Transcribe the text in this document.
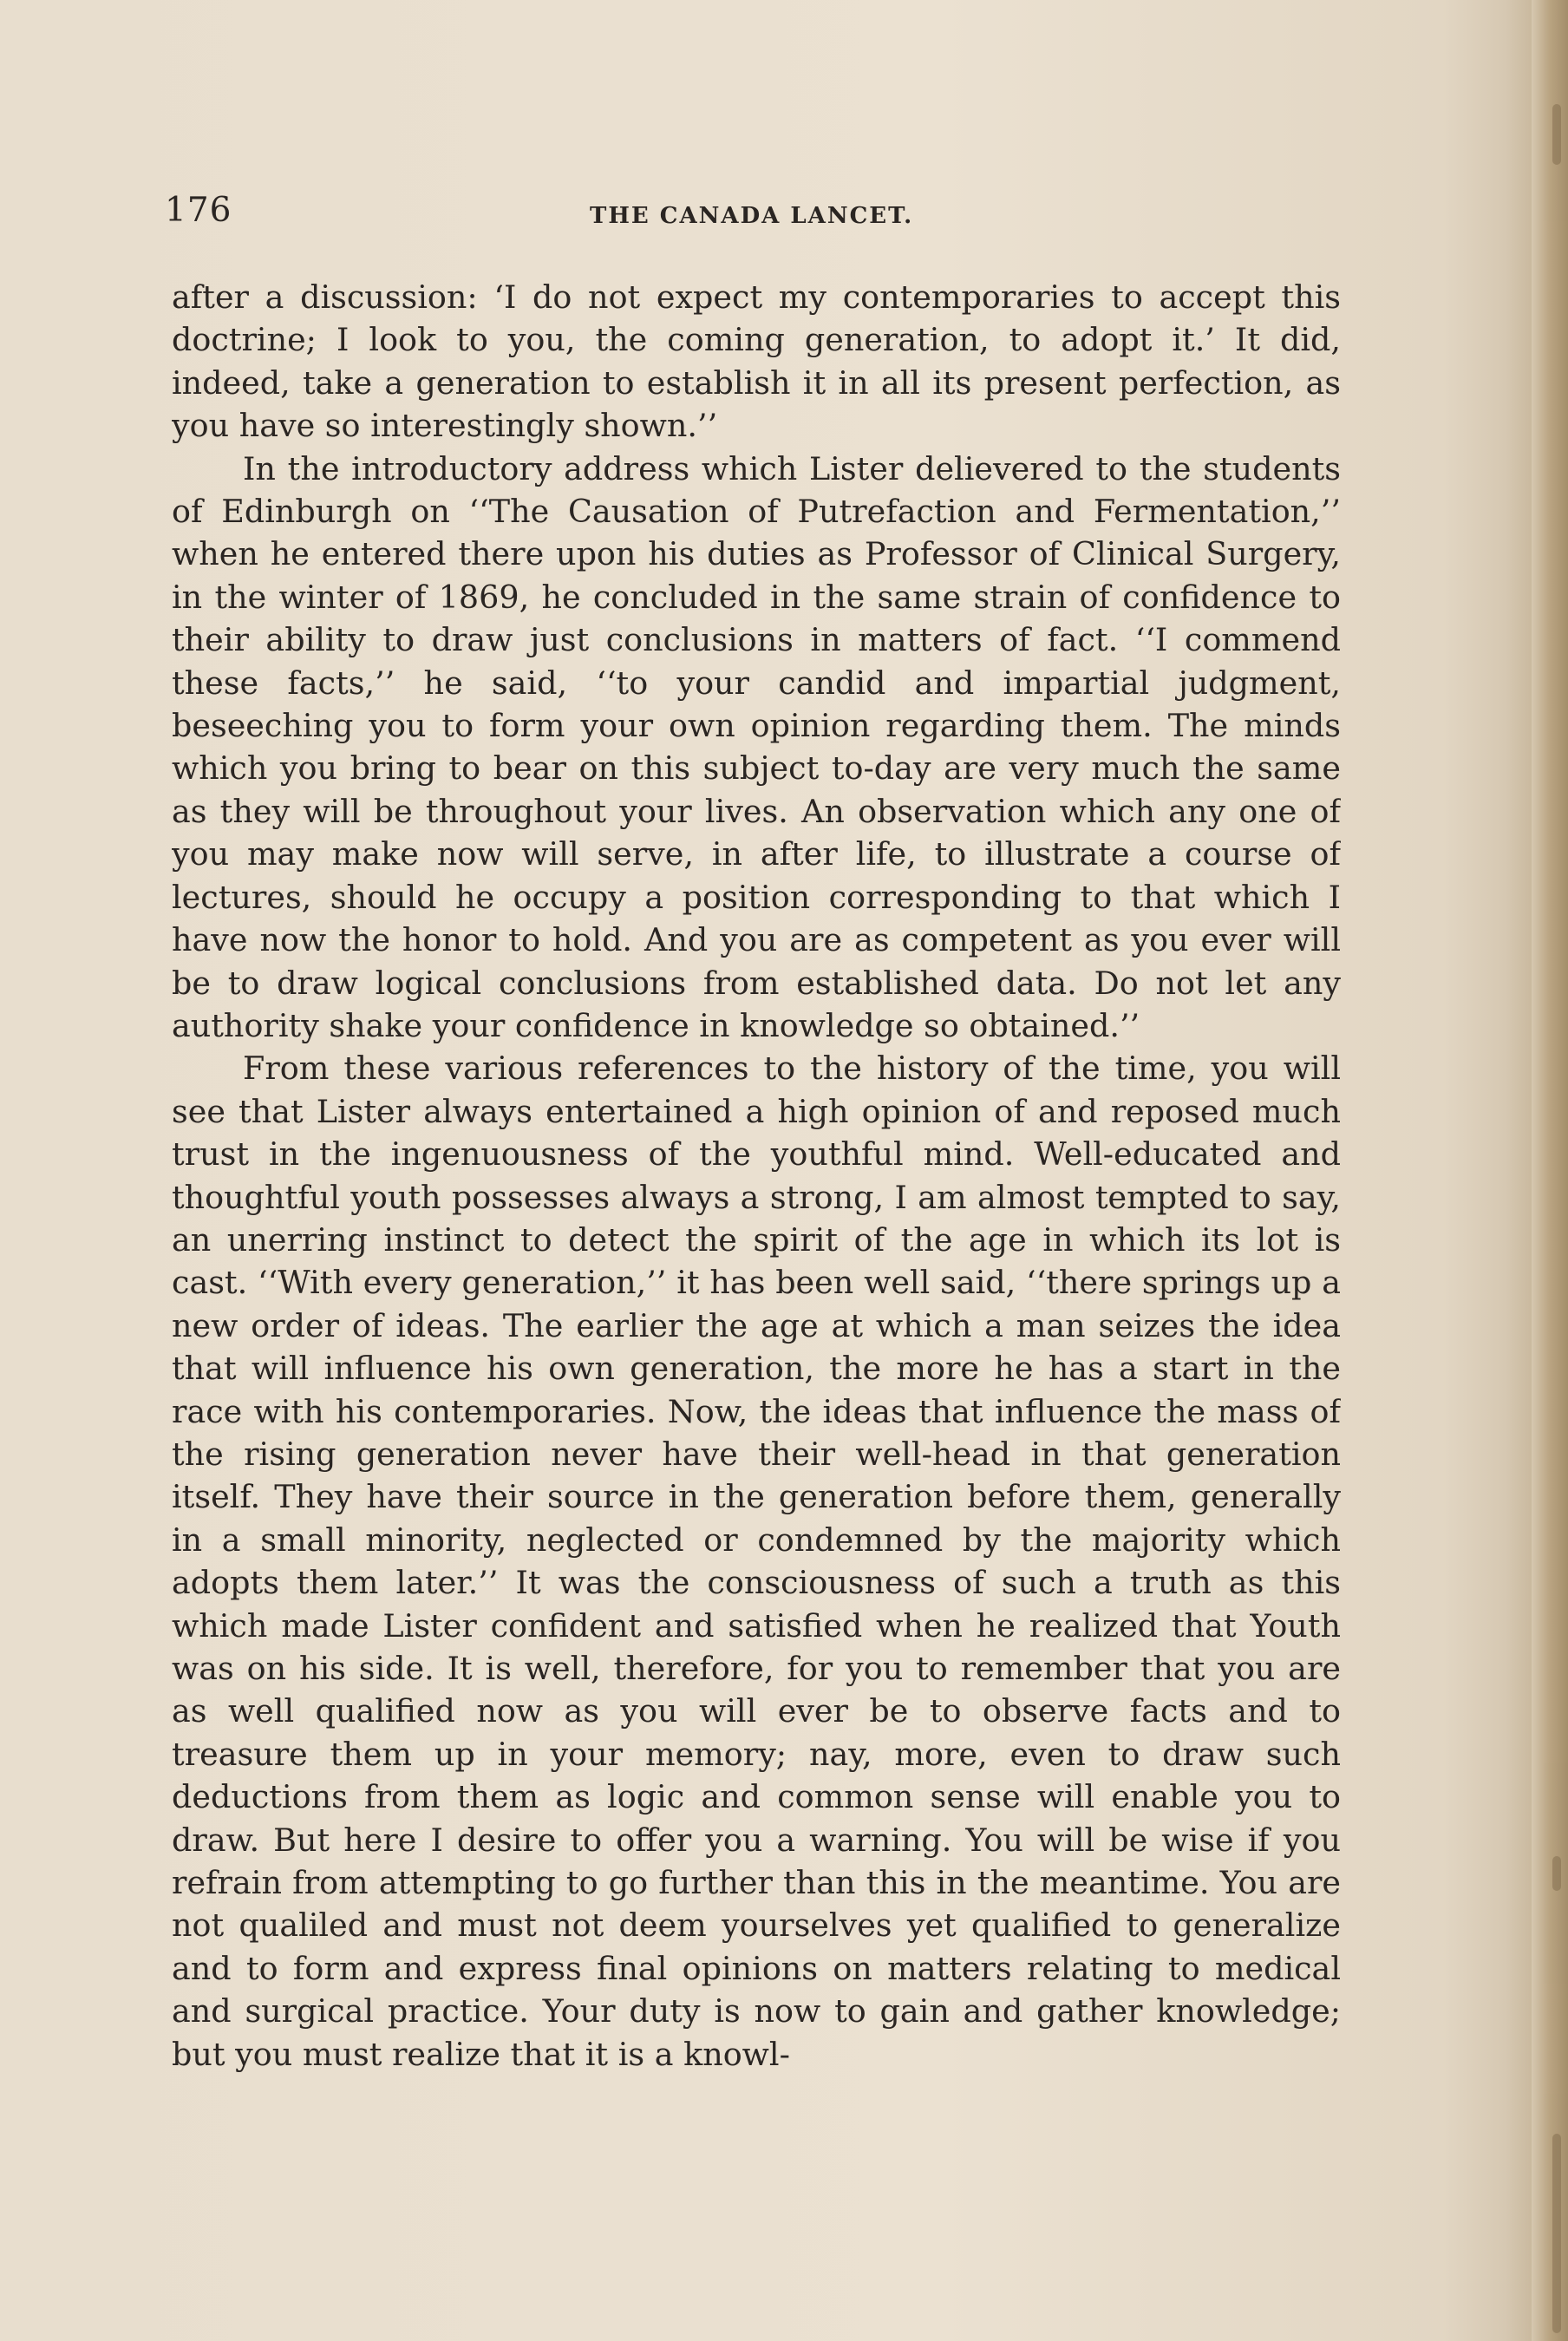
176	THE CANADA LANCET.

after a discussion: ‘I do not expect my contemporaries to accept this doctrine; I look to you, the coming generation, to adopt it.’ It did, indeed, take a generation to establish it in all its present perfection, as you have so interestingly shown.’’

In the introductory address which Lister delievered to the students of Edinburgh on ‘‘The Causation of Putrefaction and Fermentation,’’ when he entered there upon his duties as Professor of Clinical Surgery, in the winter of 1869, he concluded in the same strain of confidence to their ability to draw just conclusions in matters of fact. ‘‘I commend these facts,’’ he said, ‘‘to your candid and impartial judgment, beseeching you to form your own opinion regarding them. The minds which you bring to bear on this subject to-day are very much the same as they will be throughout your lives. An observation which any one of you may make now will serve, in after life, to illustrate a course of lectures, should he occupy a position corresponding to that which I have now the honor to hold. And you are as competent as you ever will be to draw logical conclusions from established data. Do not let any authority shake your confidence in knowledge so obtained.’’

From these various references to the history of the time, you will see that Lister always entertained a high opinion of and reposed much trust in the ingenuousness of the youthful mind. Well-educated and thoughtful youth possesses always a strong, I am almost tempted to say, an unerring instinct to detect the spirit of the age in which its lot is cast. ‘‘With every generation,’’ it has been well said, ‘‘there springs up a new order of ideas. The earlier the age at which a man seizes the idea that will influence his own generation, the more he has a start in the race with his contemporaries. Now, the ideas that influence the mass of the rising generation never have their well-head in that generation itself. They have their source in the generation before them, generally in a small minority, neglected or condemned by the majority which adopts them later.’’ It was the consciousness of such a truth as this which made Lister confident and satisfied when he realized that Youth was on his side. It is well, therefore, for you to remember that you are as well qualified now as you will ever be to observe facts and to treasure them up in your memory; nay, more, even to draw such deductions from them as logic and common sense will enable you to draw. But here I desire to offer you a warning. You will be wise if you refrain from attempting to go further than this in the meantime. You are not qualiled and must not deem yourselves yet qualified to generalize and to form and express final opinions on matters relating to medical and surgical practice. Your duty is now to gain and gather knowledge; but you must realize that it is a knowl-
